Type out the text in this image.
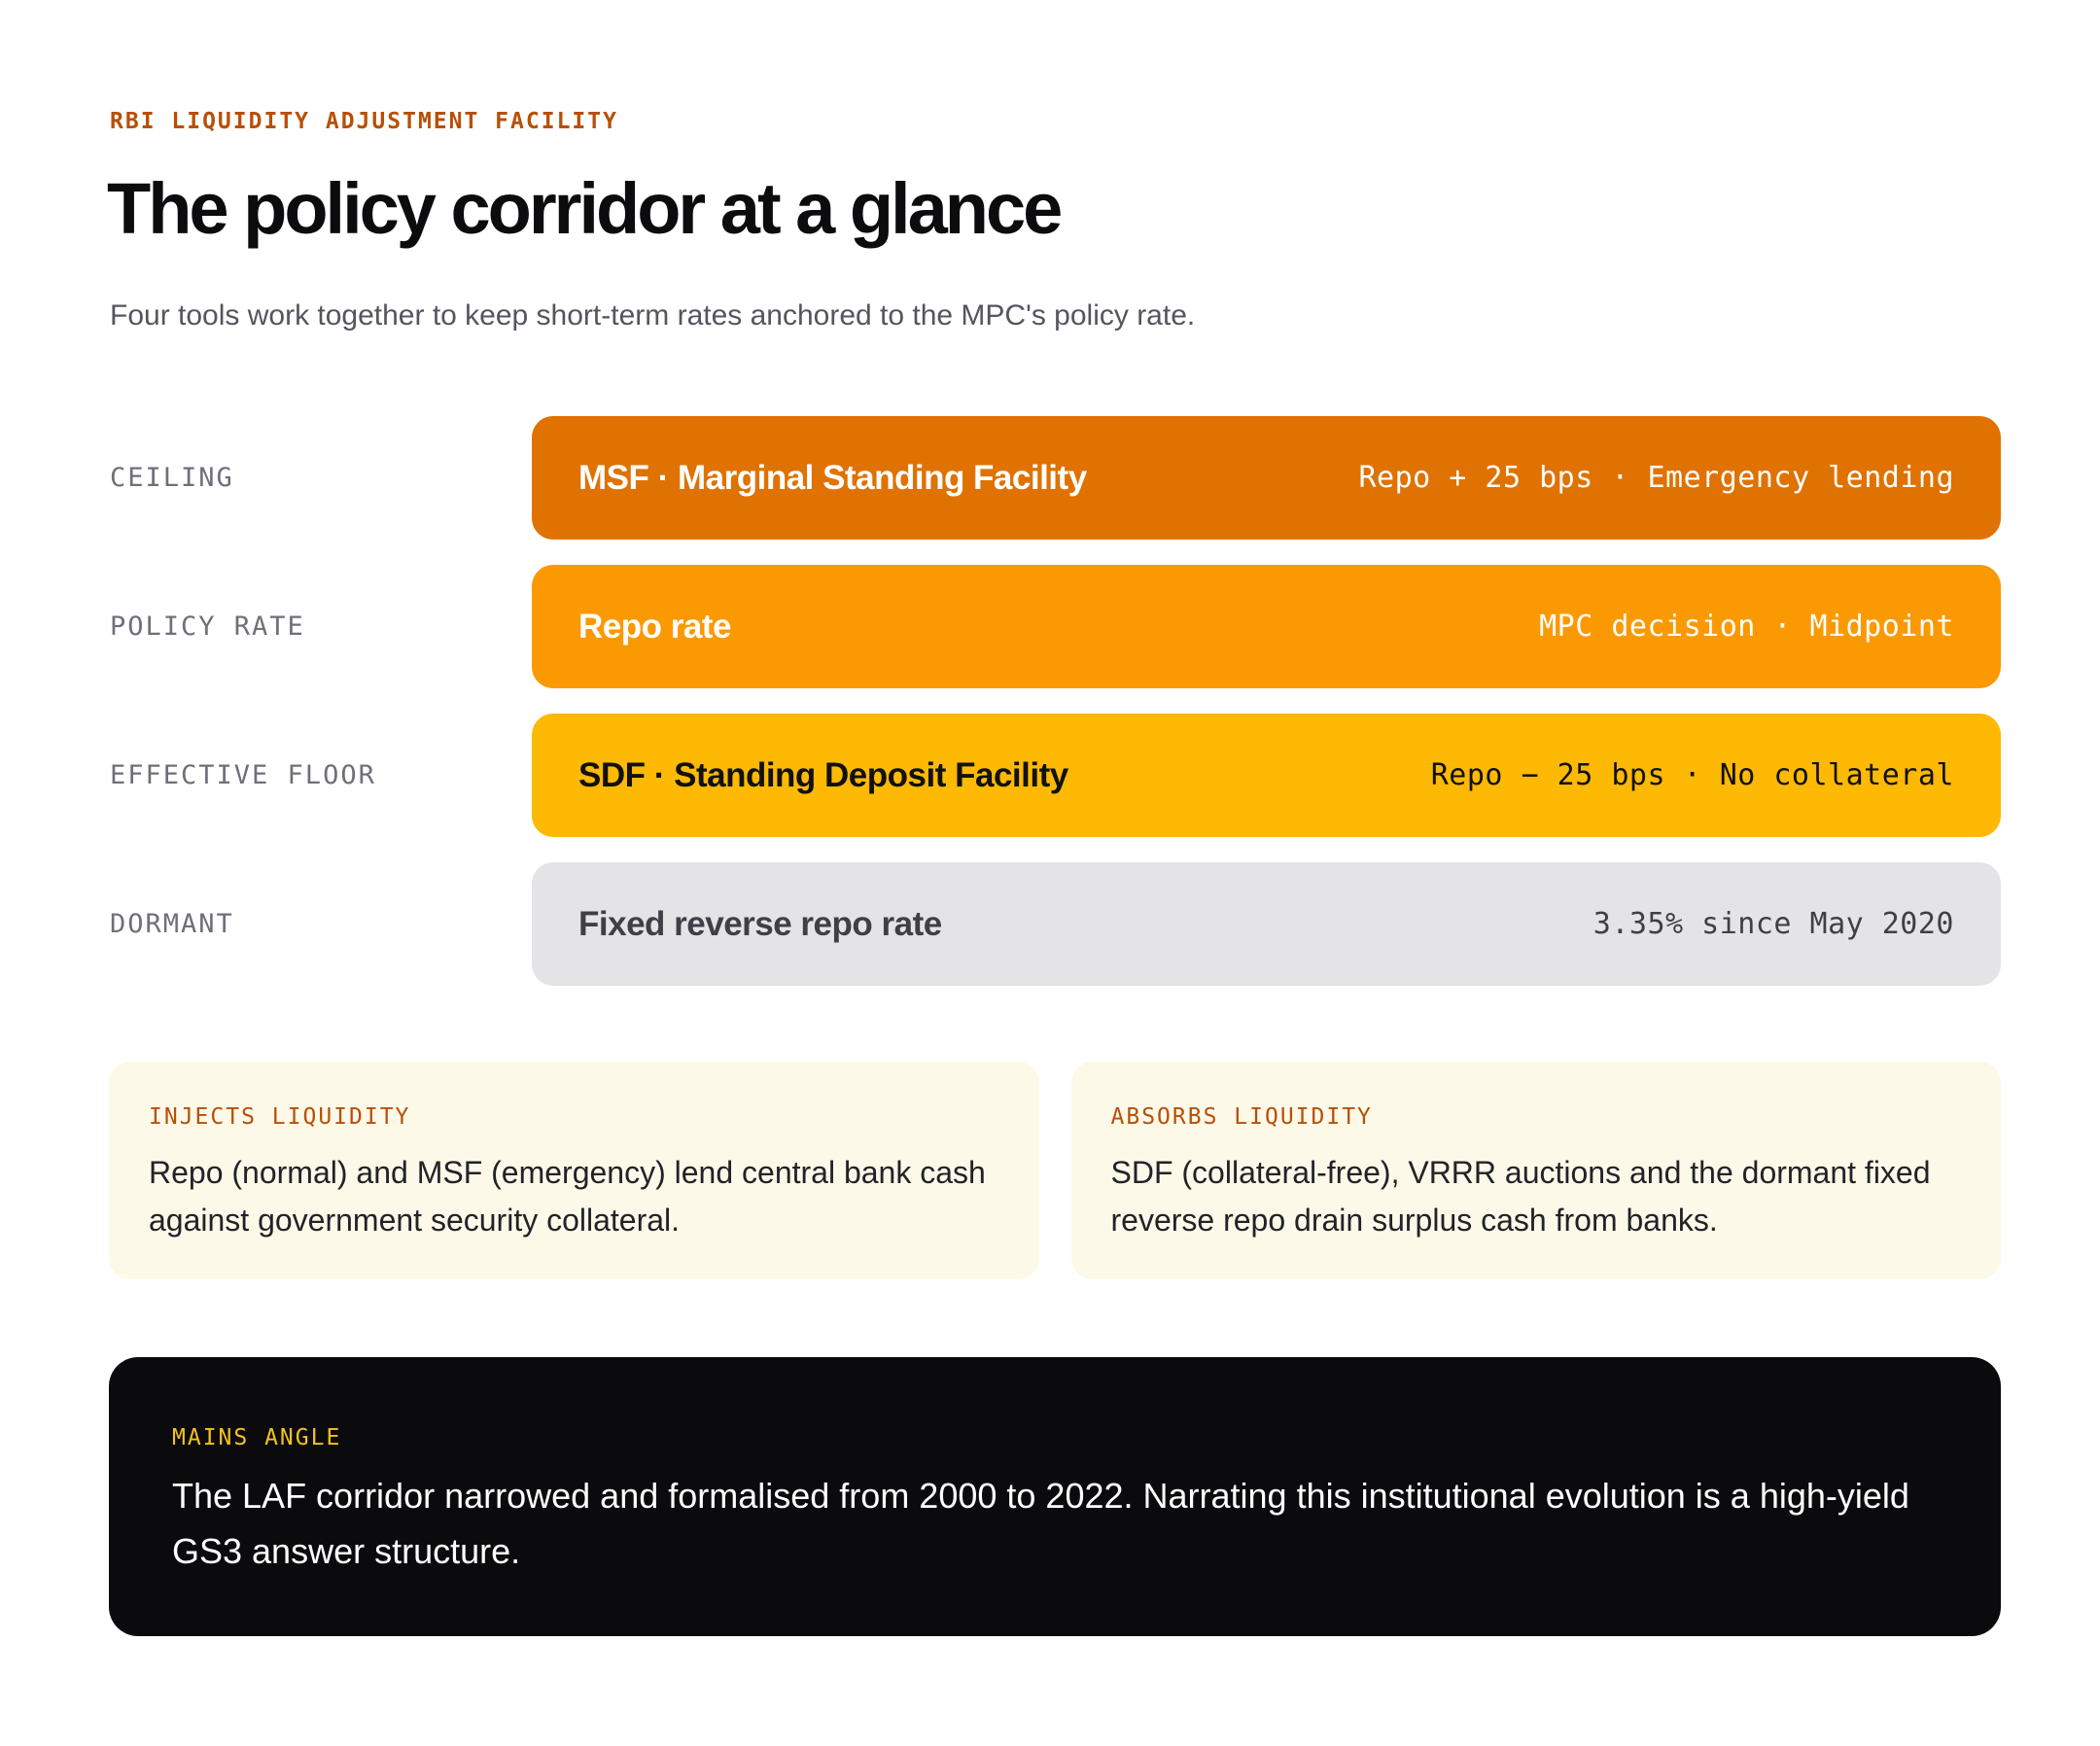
RBI LIQUIDITY ADJUSTMENT FACILITY
The policy corridor at a glance
Four tools work together to keep short-term rates anchored to the MPC's policy rate.
CEILING	MSF · Marginal Standing Facility	Repo + 25 bps · Emergency lending
POLICY RATE	Repo rate	MPC decision · Midpoint
EFFECTIVE FLOOR	SDF · Standing Deposit Facility	Repo − 25 bps · No collateral
DORMANT	Fixed reverse repo rate	3.35% since May 2020
INJECTS LIQUIDITY
Repo (normal) and MSF (emergency) lend central bank cash against government security collateral.
ABSORBS LIQUIDITY
SDF (collateral-free), VRRR auctions and the dormant fixed reverse repo drain surplus cash from banks.
MAINS ANGLE
The LAF corridor narrowed and formalised from 2000 to 2022. Narrating this institutional evolution is a high-yield GS3 answer structure.
